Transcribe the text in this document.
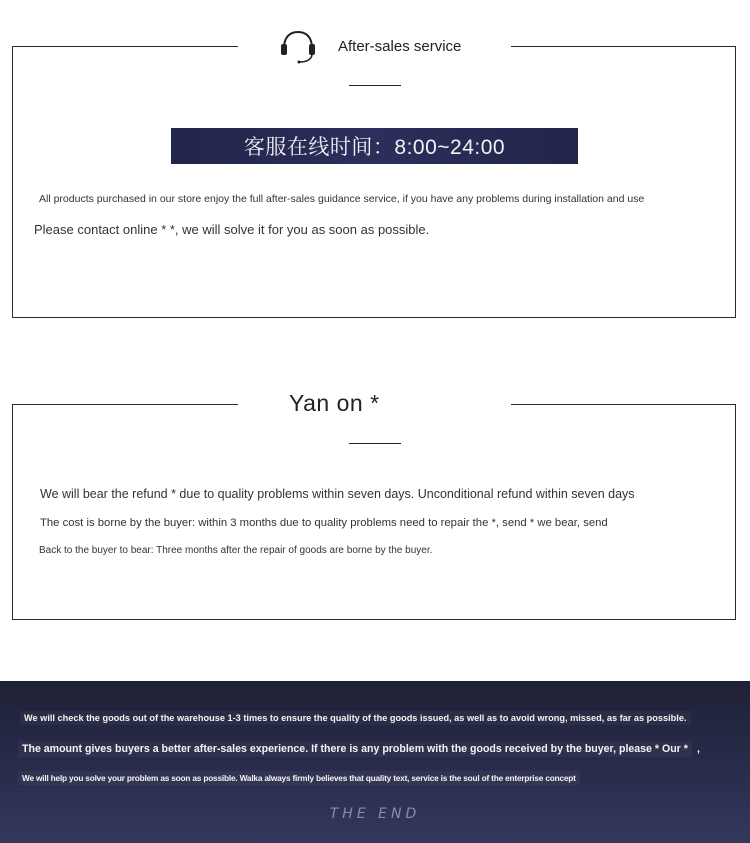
After-sales service
客服在线时间：8:00~24:00
All products purchased in our store enjoy the full after-sales guidance service, if you have any problems during installation and use
Please contact online * *, we will solve it for you as soon as possible.
Yan on *
We will bear the refund * due to quality problems within seven days. Unconditional refund within seven days
The cost is borne by the buyer: within 3 months due to quality problems need to repair the *, send * we bear, send
Back to the buyer to bear: Three months after the repair of goods are borne by the buyer.
We will check the goods out of the warehouse 1-3 times to ensure the quality of the goods issued, as well as to avoid wrong, missed, as far as possible.
The amount gives buyers a better after-sales experience. If there is any problem with the goods received by the buyer, please * Our * ,
We will help you solve your problem as soon as possible. Walka always firmly believes that quality text, service is the soul of the enterprise concept
THE END
